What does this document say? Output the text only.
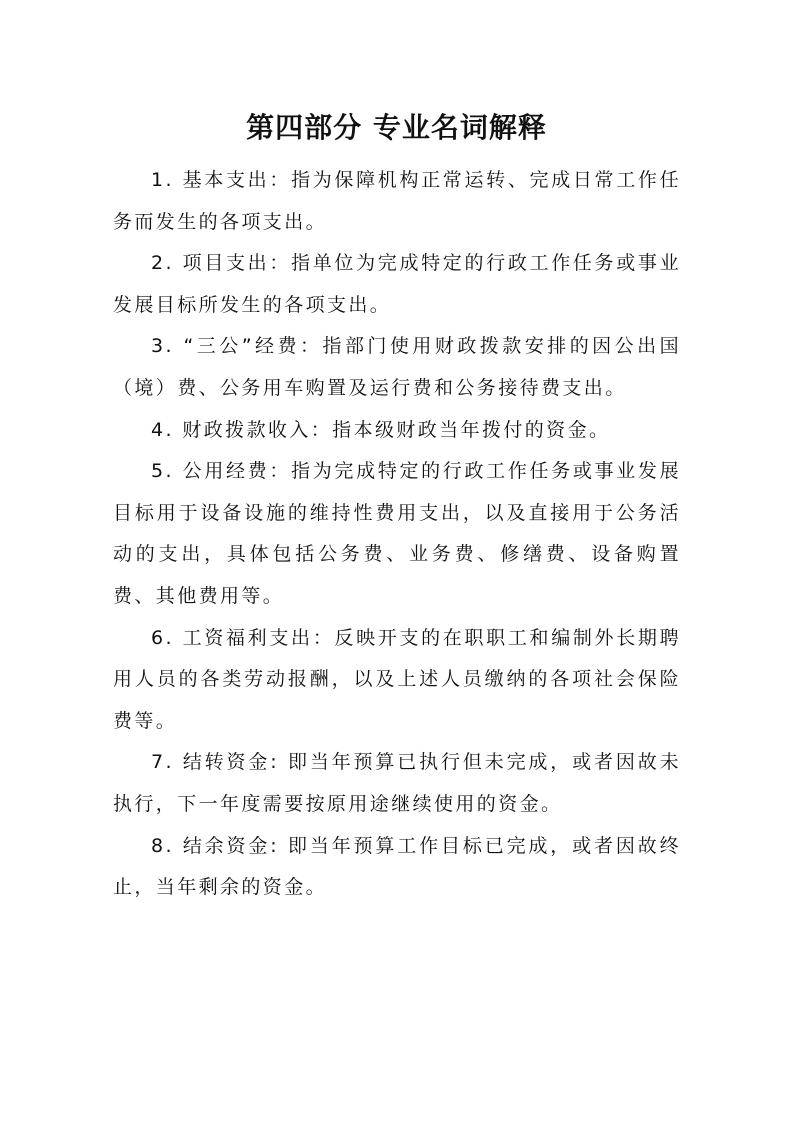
第四部分 专业名词解释

1. 基本支出：指为保障机构正常运转、完成日常工作任务而发生的各项支出。

2. 项目支出：指单位为完成特定的行政工作任务或事业发展目标所发生的各项支出。

3. “三公”经费：指部门使用财政拨款安排的因公出国（境）费、公务用车购置及运行费和公务接待费支出。

4. 财政拨款收入：指本级财政当年拨付的资金。

5. 公用经费：指为完成特定的行政工作任务或事业发展目标用于设备设施的维持性费用支出，以及直接用于公务活动的支出，具体包括公务费、业务费、修缮费、设备购置费、其他费用等。

6. 工资福利支出：反映开支的在职职工和编制外长期聘用人员的各类劳动报酬，以及上述人员缴纳的各项社会保险费等。

7. 结转资金: 即当年预算已执行但未完成，或者因故未执行，下一年度需要按原用途继续使用的资金。

8. 结余资金: 即当年预算工作目标已完成，或者因故终止，当年剩余的资金。
